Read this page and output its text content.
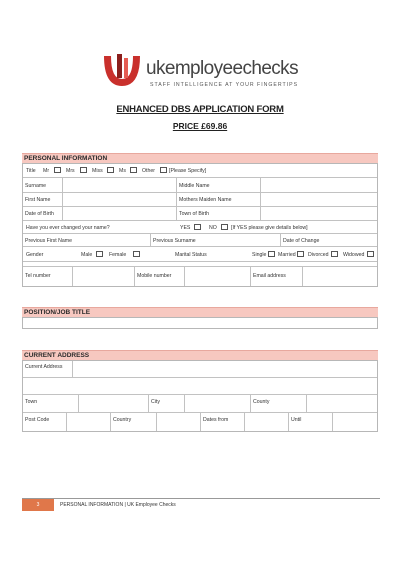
ukemployeechecks
STAFF INTELLIGENCE AT YOUR FINGERTIPS
ENHANCED DBS APPLICATION FORM
PRICE £69.86
PERSONAL INFORMATION
Title Mr	Mrs	Miss	Ms	Other	[Please Specify]
Surname	Middle Name
First Name	Mothers Maiden Name
Date of Birth	Town of Birth
Have you ever changed your name?	YES	NO	[If YES please give details below]
Previous First Name	Previous Surname	Date of Change
Gender	Male	Female	Marital Status	Single Married Divorced	Widowed
Tel number	Mobile number	Email address
POSITION/JOB TITLE
CURRENT ADDRESS
Current Address
Town	City	County
Post Code	Country	Dates from	Until
3	PERSONAL INFORMATION | UK Employee Checks
